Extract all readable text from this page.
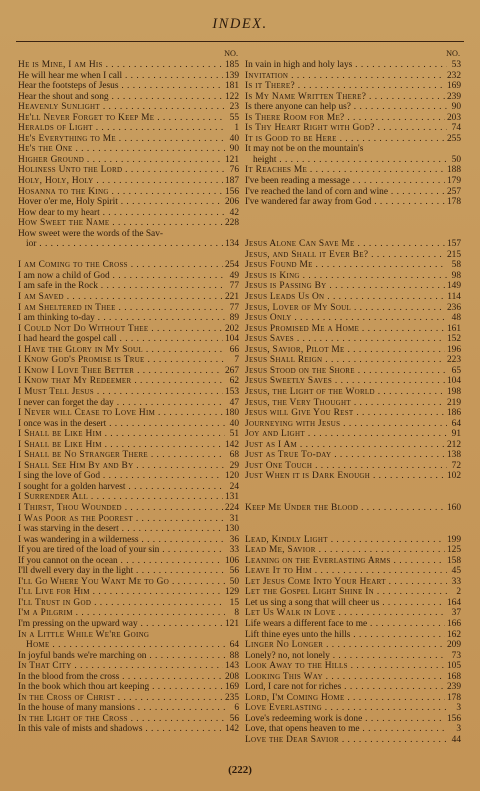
INDEX.
NO.
He is Mine, I am His . . .	185
He will hear me when I call . . .	139
Hear the footsteps of Jesus . . .	181
Hear the shout and song . . .	122
Heavenly Sunlight . . .	23
He'll Never Forget to Keep Me . . .	55
Heralds of Light . . .	1
He's Everything to Me . . .	40
He's the One . . .	90
Higher Ground . . .	121
Holiness Unto the Lord . . .	76
Holy, Holy, Holy . . .	187
Hosanna to the King . . .	156
Hover o'er me, Holy Spirit . . .	206
How dear to my heart . . .	42
How Sweet the Name . . .	228
How sweet were the words of the Sav-
ior . . .	134
I am Coming to the Cross . . .	254
I am now a child of God . . .	49
I am safe in the Rock . . .	77
I am Saved . . .	221
I am Sheltered in Thee . . .	77
I am thinking to-day . . .	89
I Could Not Do Without Thee . . .	202
I had heard the gospel call . . .	104
I Have the Glory in My Soul . . .	66
I Know God's Promise is True . . .	7
I Know I Love Thee Better . . .	267
I Know that My Redeemer . . .	62
I Must Tell Jesus . . .	153
I never can forget the day . . .	47
I Never will Cease to Love Him . . .	180
I once was in the desert . . .	40
I Shall be Like Him . . .	51
I Shall be Like Him . . .	142
I Shall be No Stranger There . . .	68
I Shall See Him By and By . . .	29
I sing the love of God . . .	120
I sought for a golden harvest . . .	24
I Surrender All . . .	131
I Thirst, Thou Wounded . . .	224
I Was Poor as the Poorest . . .	31
I was starving in the desert . . .	130
I was wandering in a wilderness . . .	36
If you are tired of the load of your sin . . .	33
If you cannot on the ocean . . .	106
I'll dwell every day in the light . . .	56
I'll Go Where You Want Me to Go . . .	50
I'll Live for Him . . .	129
I'll Trust in God . . .	15
I'm a Pilgrim . . .	8
I'm pressing on the upward way . . .	121
In a Little While We're Going
Home . . .	64
In joyful bands we're marching on . . .	88
In That City . . .	143
In the blood from the cross . . .	208
In the book which thou art keeping . . .	169
In the Cross of Christ . . .	235
In the house of many mansions . . .	6
In the Light of the Cross . . .	56
In this vale of mists and shadows . . .	142
NO.
In vain in high and holy lays . . .	53
Invitation . . .	232
Is it There? . . .	169
Is My Name Written There? . . .	239
Is there anyone can help us? . . .	90
Is There Room for Me? . . .	203
Is Thy Heart Right with God? . . .	74
It is Good to be Here . . .	255
It may not be on the mountain's
height . . .	50
It Reaches Me . . .	188
I've been reading a message . . .	179
I've reached the land of corn and wine . . .	257
I've wandered far away from God . . .	178
Jesus Alone Can Save Me . . .	157
Jesus, and Shall it Ever Be? . . .	215
Jesus Found Me . . .	58
Jesus is King . . .	98
Jesus is Passing By . . .	149
Jesus Leads Us On . . .	114
Jesus, Lover of My Soul . . .	236
Jesus Only . . .	48
Jesus Promised Me a Home . . .	161
Jesus Saves . . .	152
Jesus, Savior, Pilot Me . . .	196
Jesus Shall Reign . . .	223
Jesus Stood on the Shore . . .	65
Jesus Sweetly Saves . . .	104
Jesus, the Light of the World . . .	198
Jesus, the Very Thought . . .	219
Jesus will Give You Rest . . .	186
Journeying with Jesus . . .	64
Joy and Light . . .	91
Just as I Am . . .	212
Just as True To-day . . .	138
Just One Touch . . .	72
Just When it is Dark Enough . . .	102
Keep Me Under the Blood . . .	160
Lead, Kindly Light . . .	199
Lead Me, Savior . . .	125
Leaning on the Everlasting Arms . . .	158
Leave It to Him . . .	45
Let Jesus Come Into Your Heart . . .	33
Let the Gospel Light Shine In . . .	2
Let us sing a song that will cheer us . . .	164
Let Us Walk in Love . . .	37
Life wears a different face to me . . .	166
Lift thine eyes unto the hills . . .	162
Linger No Longer . . .	209
Lonely? no, not lonely . . .	73
Look Away to the Hills . . .	105
Looking This Way . . .	168
Lord, I care not for riches . . .	239
Lord, I'm Coming Home . . .	178
Love Everlasting . . .	3
Love's redeeming work is done . . .	156
Love, that opens heaven to me . . .	3
Love the Dear Savior . . .	44
(222)
